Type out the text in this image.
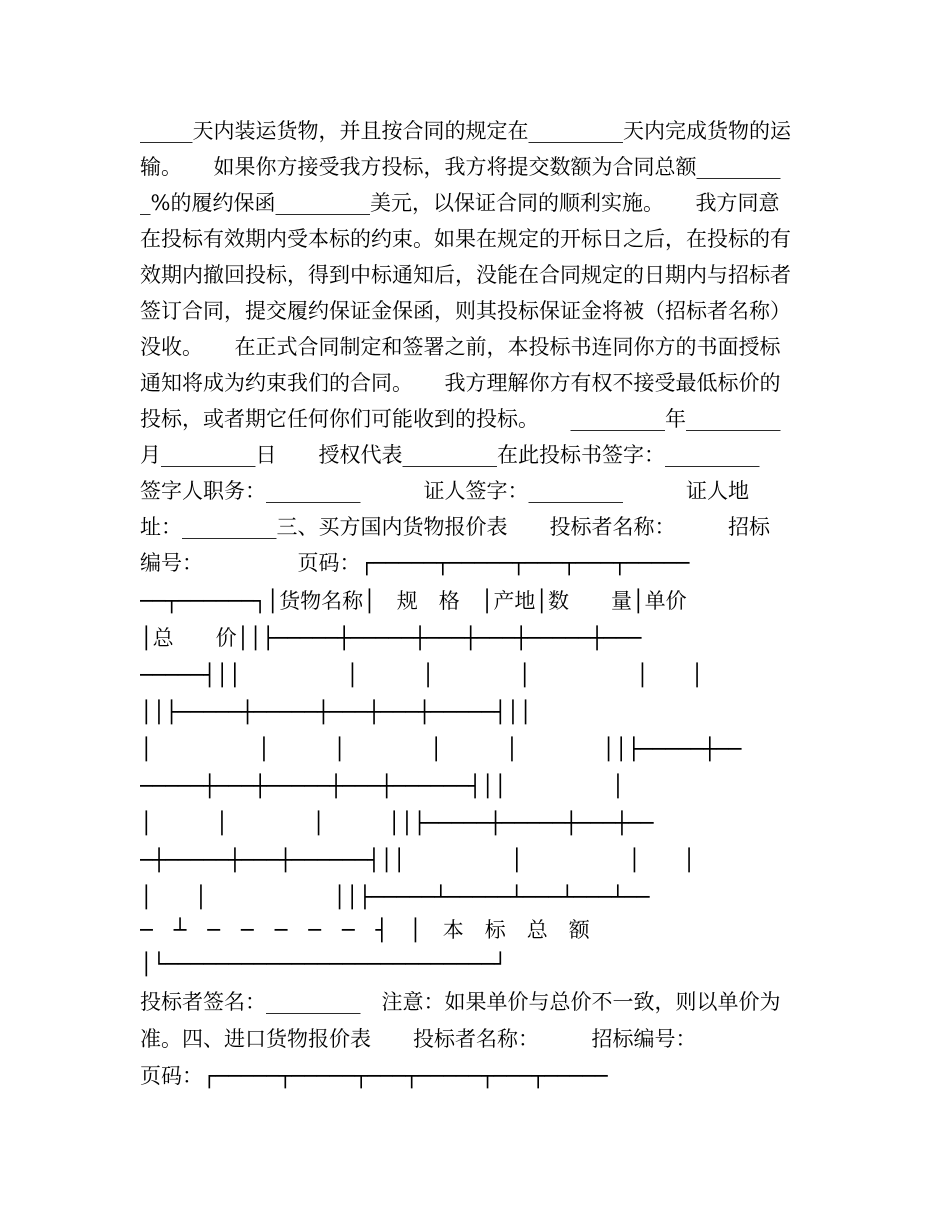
_____天内装运货物，并且按合同的规定在_________天内完成货物的运
输。　　如果你方接受我方投标，我方将提交数额为合同总额________
_%的履约保函_________美元，以保证合同的顺利实施。　　我方同意
在投标有效期内受本标的约束。如果在规定的开标日之后，在投标的有
效期内撤回投标，得到中标通知后，没能在合同规定的日期内与招标者
签订合同，提交履约保证金保函，则其投标保证金将被（招标者名称）
没收。　　在正式合同制定和签署之前，本投标书连同你方的书面授标
通知将成为约束我们的合同。　　我方理解你方有权不接受最低标价的
投标，或者期它任何你们可能收到的投标。　　_________年_________
月_________日　　授权代表_________在此投标书签字：_________
签字人职务：_________　　　证人签字：_________　　　证人地
址：_________三、买方国内货物报价表　　投标者名称：　　　招标
编号：　　　　　页码：┌─────┬─────┬───┬───┬─────
──┬──────┐│货物名称│　规　格　│产地│数　　量│单价
│总　　价││├─────┼─────┼───┼───┼─────┼───
─────┤││　　　　　│　　　│　　　　│　　　　　│　　│
││├─────┼─────┼───┼───┼─────┤││
│　　　　　│　　　│　　　　│　　　│　　　　││├─────┼──
─────┼───┼─────┼───┼──────┤││　　　　　│
│　　　│　　　　│　　　││├─────┼─────┼───┼──
─┼─────┼───┼──────┤││　　　　　│　　　　　│　　│
│　　│　　　　　　││├─────┴─────┴───┴───┴──
─　┴　─　─　─　─　─　┤　│　本　标　总　额
│└──────────────────────────┘
投标者签名：_________　注意：如果单价与总价不一致，则以单价为
准。四、进口货物报价表　　投标者名称：　　　招标编号：
页码：┌─────┬─────┬───┬─────┬───┬─────
